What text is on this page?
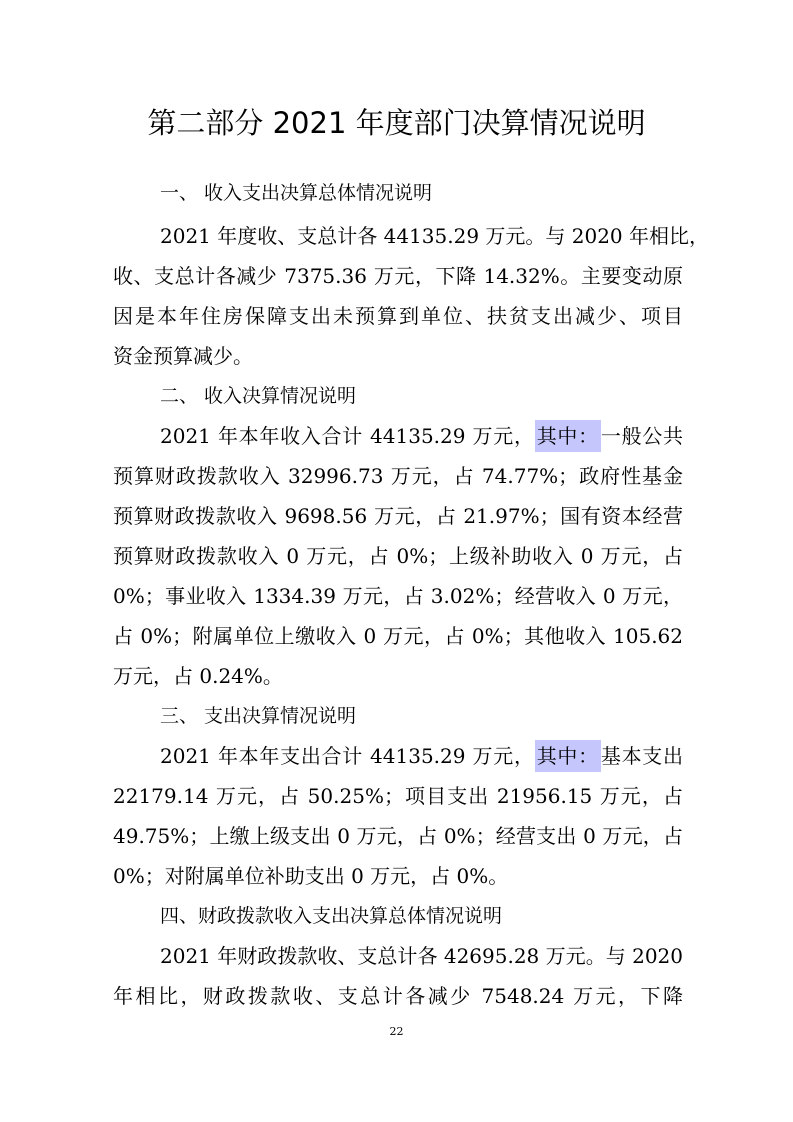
第二部分 2021 年度部门决算情况说明
一、 收入支出决算总体情况说明
2021 年度收、支总计各 44135.29 万元。与 2020 年相比，
收、支总计各减少 7375.36 万元，下降 14.32%。主要变动原
因是本年住房保障支出未预算到单位、扶贫支出减少、项目
资金预算减少。
二、 收入决算情况说明
2021 年本年收入合计 44135.29 万元， 其中： 一般公共
预算财政拨款收入 32996.73 万元，占 74.77%；政府性基金
预算财政拨款收入 9698.56 万元，占 21.97%；国有资本经营
预算财政拨款收入 0 万元，占 0%；上级补助收入 0 万元，占
0%；事业收入 1334.39 万元，占 3.02%；经营收入 0 万元，
占 0%；附属单位上缴收入 0 万元，占 0%；其他收入 105.62
万元，占 0.24%。
三、 支出决算情况说明
2021 年本年支出合计 44135.29 万元， 其中： 基本支出
22179.14 万元，占 50.25%；项目支出 21956.15 万元，占
49.75%；上缴上级支出 0 万元，占 0%；经营支出 0 万元，占
0%；对附属单位补助支出 0 万元，占 0%。
四、财政拨款收入支出决算总体情况说明
2021 年财政拨款收、支总计各 42695.28 万元。与 2020
年相比，财政拨款收、支总计各减少 7548.24 万元，下降
22
